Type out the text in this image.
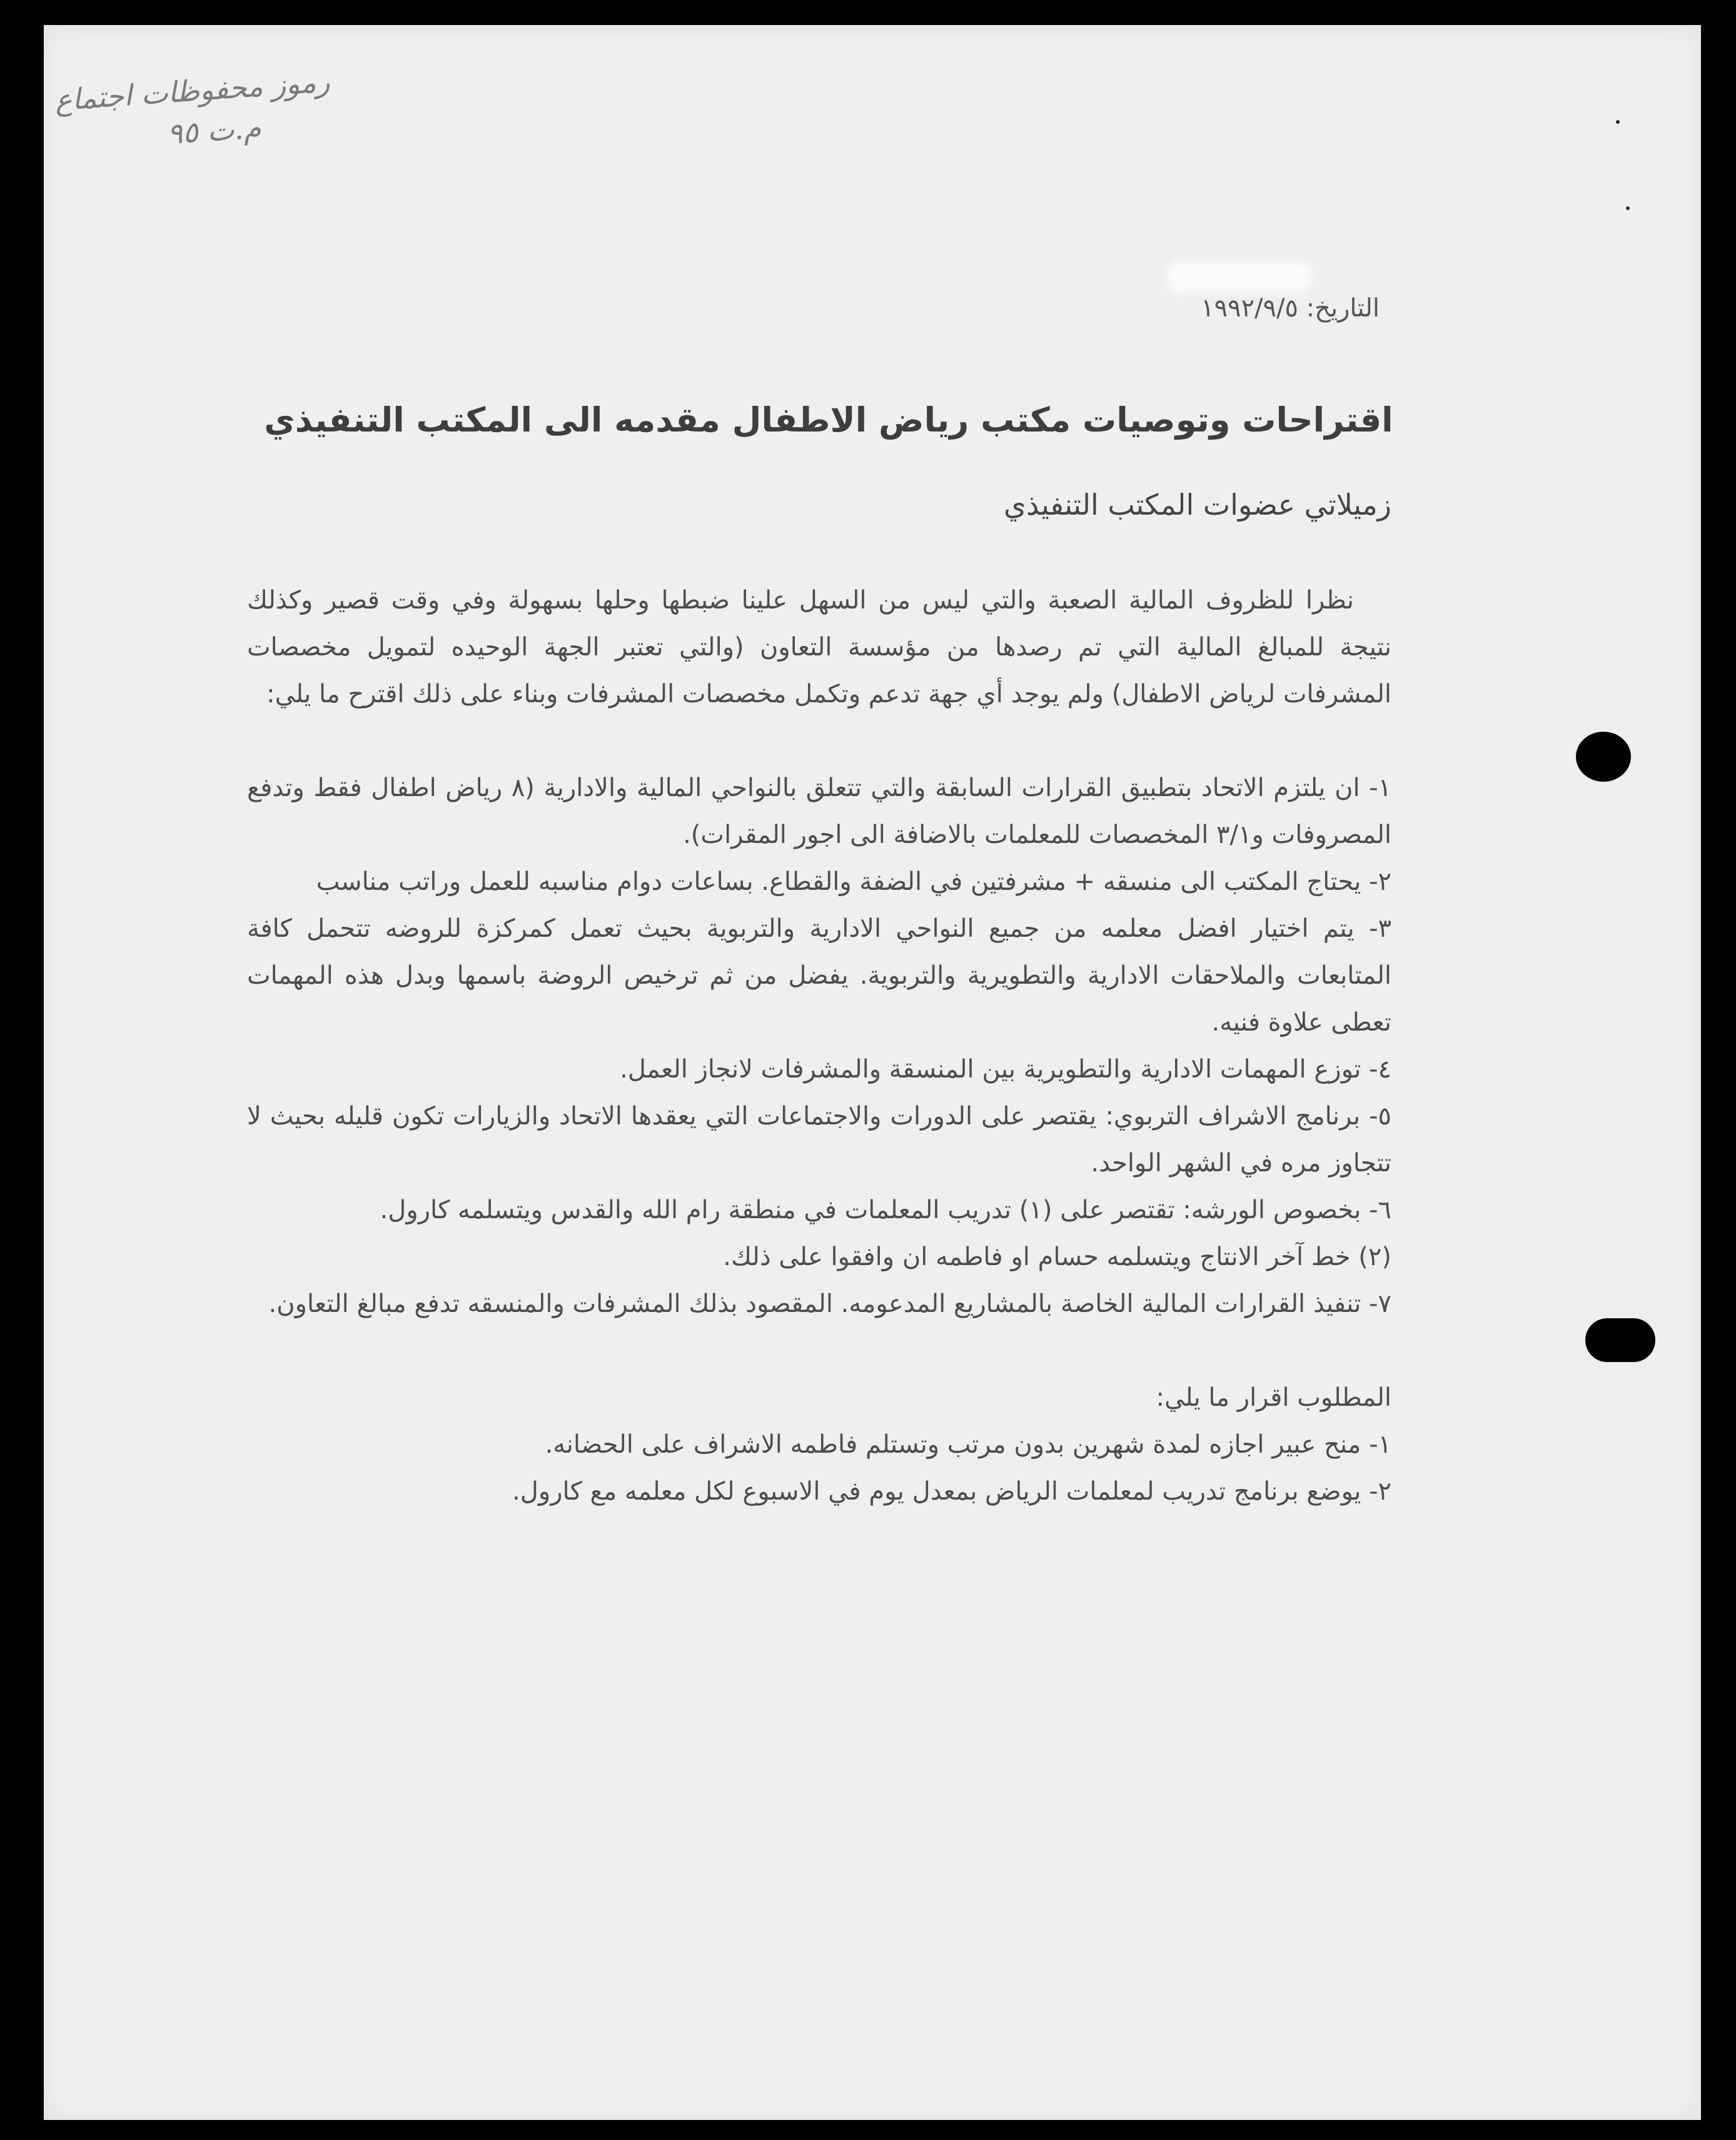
رموز محفوظات اجتماع
م.ت ٩٥
التاريخ: ١٩٩٢/٩/٥
اقتراحات وتوصيات مكتب رياض الاطفال مقدمه الى المكتب التنفيذي
زميلاتي عضوات المكتب التنفيذي

نظرا للظروف المالية الصعبة والتي ليس من السهل علينا ضبطها وحلها بسهولة وفي وقت قصير وكذلك نتيجة للمبالغ المالية التي تم رصدها من مؤسسة التعاون (والتي تعتبر الجهة الوحيده لتمويل مخصصات المشرفات لرياض الاطفال) ولم يوجد أي جهة تدعم وتكمل مخصصات المشرفات وبناء على ذلك اقترح ما يلي:

١- ان يلتزم الاتحاد بتطبيق القرارات السابقة والتي تتعلق بالنواحي المالية والادارية (٨ رياض اطفال فقط وتدفع المصروفات و٣/١ المخصصات للمعلمات بالاضافة الى اجور المقرات).

٢- يحتاج المكتب الى منسقه + مشرفتين في الضفة والقطاع. بساعات دوام مناسبه للعمل وراتب مناسب

٣- يتم اختيار افضل معلمه من جميع النواحي الادارية والتربوية بحيث تعمل كمركزة للروضه تتحمل كافة المتابعات والملاحقات الادارية والتطويرية والتربوية. يفضل من ثم ترخيص الروضة باسمها وبدل هذه المهمات تعطى علاوة فنيه.

٤- توزع المهمات الادارية والتطويرية بين المنسقة والمشرفات لانجاز العمل.

٥- برنامج الاشراف التربوي: يقتصر على الدورات والاجتماعات التي يعقدها الاتحاد والزيارات تكون قليله بحيث لا تتجاوز مره في الشهر الواحد.

٦- بخصوص الورشه: تقتصر على (١) تدريب المعلمات في منطقة رام الله والقدس ويتسلمه كارول.

(٢) خط آخر الانتاج ويتسلمه حسام او فاطمه ان وافقوا على ذلك.

٧- تنفيذ القرارات المالية الخاصة بالمشاريع المدعومه. المقصود بذلك المشرفات والمنسقه تدفع مبالغ التعاون.

المطلوب اقرار ما يلي:

١- منح عبير اجازه لمدة شهرين بدون مرتب وتستلم فاطمه الاشراف على الحضانه.

٢- يوضع برنامج تدريب لمعلمات الرياض بمعدل يوم في الاسبوع لكل معلمه مع كارول.
